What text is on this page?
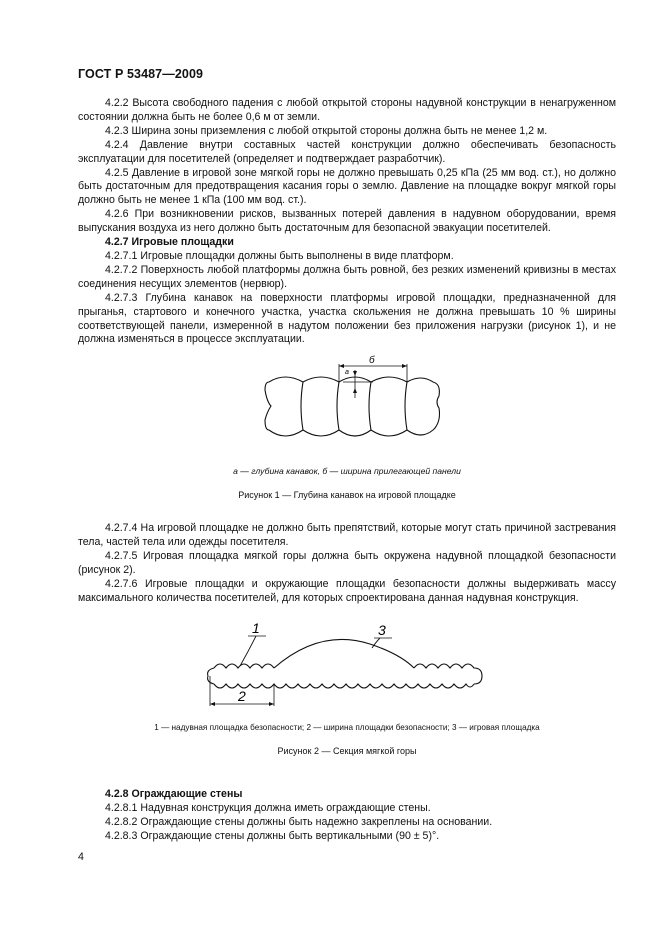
ГОСТ Р 53487—2009

4.2.2 Высота свободного падения с любой открытой стороны надувной конструкции в ненагруженном состоянии должна быть не более 0,6 м от земли.

4.2.3 Ширина зоны приземления с любой открытой стороны должна быть не менее 1,2 м.

4.2.4 Давление внутри составных частей конструкции должно обеспечивать безопасность эксплуатации для посетителей (определяет и подтверждает разработчик).

4.2.5 Давление в игровой зоне мягкой горы не должно превышать 0,25 кПа (25 мм вод. ст.), но должно быть достаточным для предотвращения касания горы о землю. Давление на площадке вокруг мягкой горы должно быть не менее 1 кПа (100 мм вод. ст.).

4.2.6 При возникновении рисков, вызванных потерей давления в надувном оборудовании, время выпускания воздуха из него должно быть достаточным для безопасной эвакуации посетителей.

4.2.7 Игровые площадки

4.2.7.1 Игровые площадки должны быть выполнены в виде платформ.

4.2.7.2 Поверхность любой платформы должна быть ровной, без резких изменений кривизны в местах соединения несущих элементов (нервюр).

4.2.7.3 Глубина канавок на поверхности платформы игровой площадки, предназначенной для прыганья, стартового и конечного участка, участка скольжения не должна превышать 10 % ширины соответствующей панели, измеренной в надутом положении без приложения нагрузки (рисунок 1), и не должна изменяться в процессе эксплуатации.

б
а
а — глубина канавок, б — ширина прилегающей панели
Рисунок 1 — Глубина канавок на игровой площадке

4.2.7.4 На игровой площадке не должно быть препятствий, которые могут стать причиной застревания тела, частей тела или одежды посетителя.

4.2.7.5 Игровая площадка мягкой горы должна быть окружена надувной площадкой безопасности (рисунок 2).

4.2.7.6 Игровые площадки и окружающие площадки безопасности должны выдерживать массу максимального количества посетителей, для которых спроектирована данная надувная конструкция.

1	3
2
1 — надувная площадка безопасности; 2 — ширина площадки безопасности; 3 — игровая площадка
Рисунок 2 — Секция мягкой горы

4.2.8 Ограждающие стены

4.2.8.1 Надувная конструкция должна иметь ограждающие стены.

4.2.8.2 Ограждающие стены должны быть надежно закреплены на основании.

4.2.8.3 Ограждающие стены должны быть вертикальными (90 ± 5)°.

4
